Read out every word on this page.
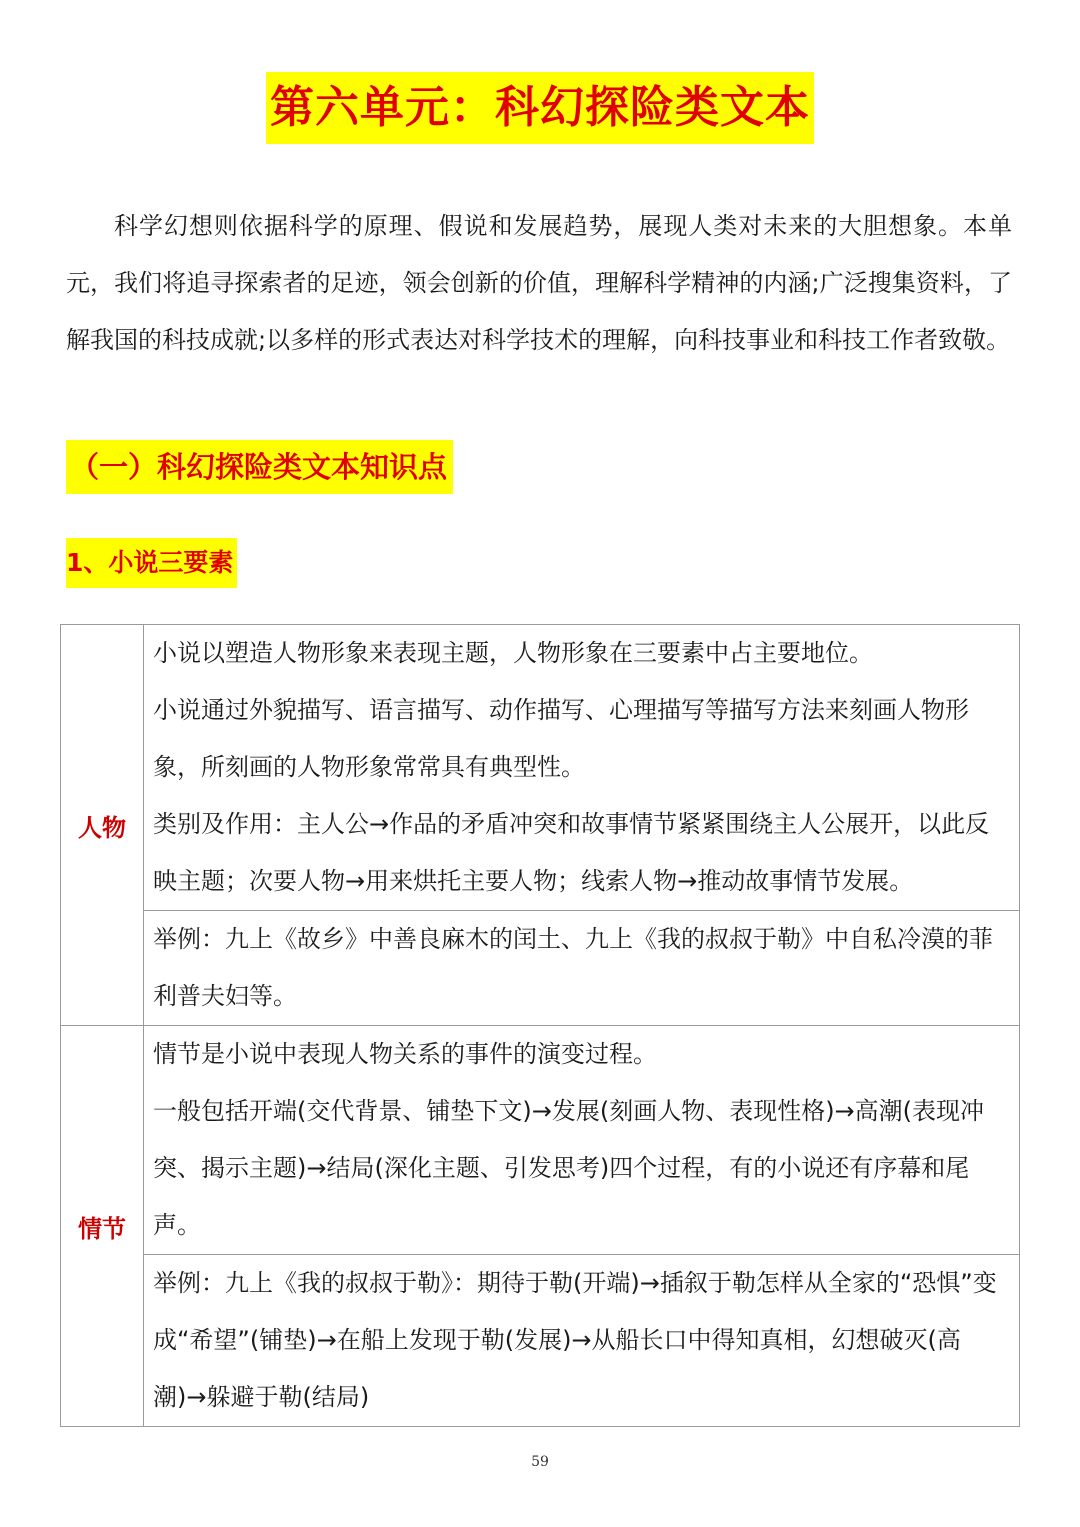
第六单元：科幻探险类文本

科学幻想则依据科学的原理、假说和发展趋势，展现人类对未来的大胆想象。本单元，我们将追寻探索者的足迹，领会创新的价值，理解科学精神的内涵;广泛搜集资料，了解我国的科技成就;以多样的形式表达对科学技术的理解，向科技事业和科技工作者致敬。

（一）科幻探险类文本知识点
1、小说三要素
人物	小说以塑造人物形象来表现主题，人物形象在三要素中占主要地位。

小说通过外貌描写、语言描写、动作描写、心理描写等描写方法来刻画人物形象，所刻画的人物形象常常具有典型性。

类别及作用：主人公→作品的矛盾冲突和故事情节紧紧围绕主人公展开，以此反映主题；次要人物→用来烘托主要人物；线索人物→推动故事情节发展。

	举例：九上《故乡》中善良麻木的闰土、九上《我的叔叔于勒》中自私冷漠的菲利普夫妇等。

情节	情节是小说中表现人物关系的事件的演变过程。

一般包括开端(交代背景、铺垫下文)→发展(刻画人物、表现性格)→高潮(表现冲突、揭示主题)→结局(深化主题、引发思考)四个过程，有的小说还有序幕和尾声。

	举例：九上《我的叔叔于勒》：期待于勒(开端)→插叙于勒怎样从全家的“恐惧”变成“希望”(铺垫)→在船上发现于勒(发展)→从船长口中得知真相，幻想破灭(高潮)→躲避于勒(结局)

59
